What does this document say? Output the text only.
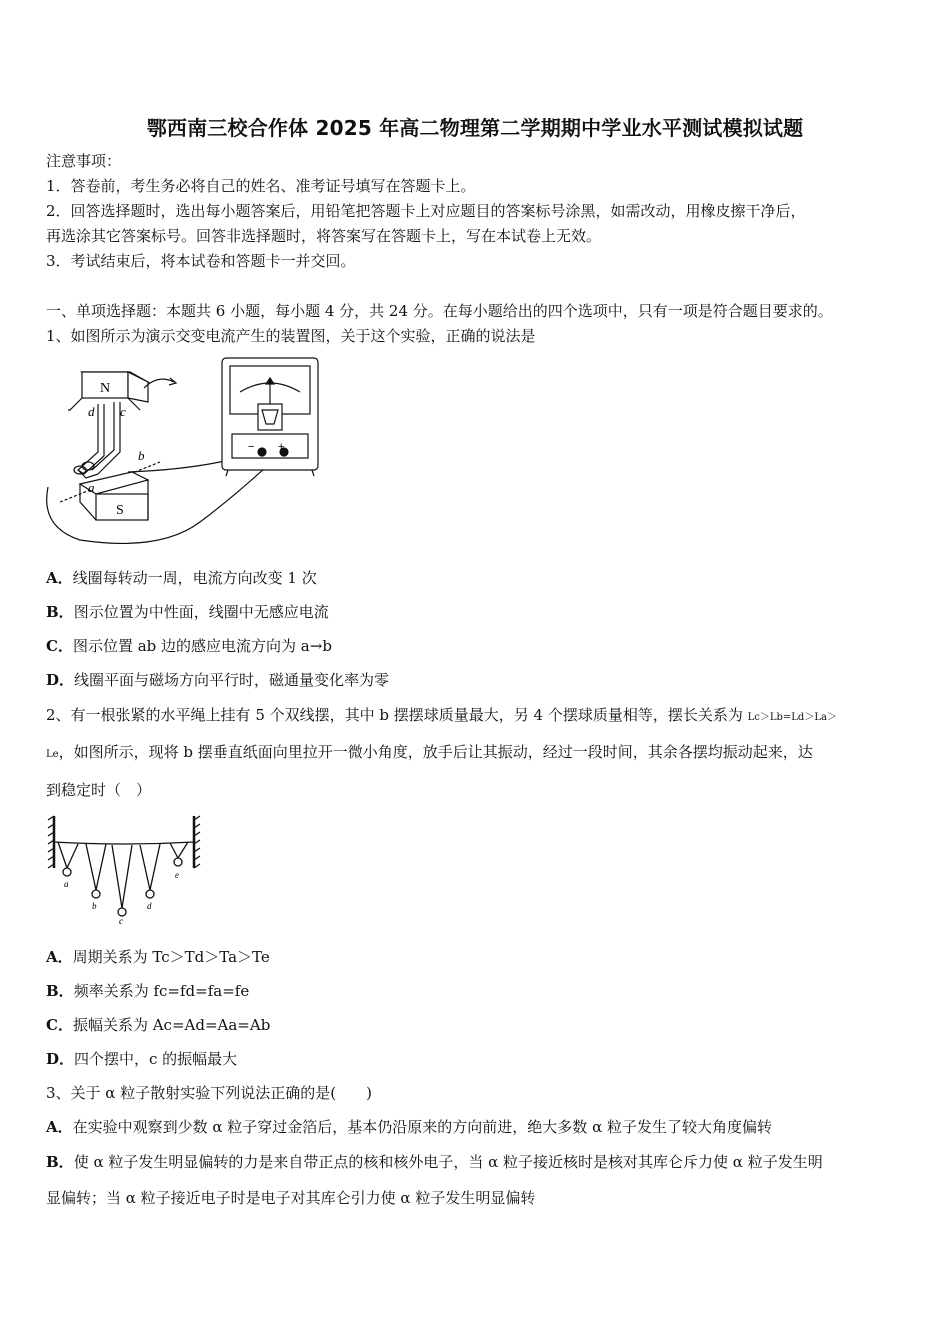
鄂西南三校合作体 2025 年高二物理第二学期期中学业水平测试模拟试题
注意事项：
1．答卷前，考生务必将自己的姓名、准考证号填写在答题卡上。
2．回答选择题时，选出每小题答案后，用铅笔把答题卡上对应题目的答案标号涂黑，如需改动，用橡皮擦干净后，
再选涂其它答案标号。回答非选择题时，将答案写在答题卡上，写在本试卷上无效。
3．考试结束后，将本试卷和答题卡一并交回。
一、单项选择题：本题共 6 小题，每小题 4 分，共 24 分。在每小题给出的四个选项中，只有一项是符合题目要求的。
1、如图所示为演示交变电流产生的装置图，关于这个实验，正确的说法是
N
S
a
b
c
d
− +
A．线圈每转动一周，电流方向改变 1 次
B．图示位置为中性面，线圈中无感应电流
C．图示位置 ab 边的感应电流方向为 a→b
D．线圈平面与磁场方向平行时，磁通量变化率为零
2、有一根张紧的水平绳上挂有 5 个双线摆，其中 b 摆摆球质量最大，另 4 个摆球质量相等，摆长关系为 Lc＞Lb=Ld＞La＞
Le，如图所示，现将 b 摆垂直纸面向里拉开一微小角度，放手后让其振动，经过一段时间，其余各摆均振动起来，达
到稳定时（　）
a
b
c
d
e
A．周期关系为 Tc＞Td＞Ta＞Te
B．频率关系为 fc=fd=fa=fe
C．振幅关系为 Ac=Ad=Aa=Ab
D．四个摆中，c 的振幅最大
3、关于 α 粒子散射实验下列说法正确的是(　　)
A．在实验中观察到少数 α 粒子穿过金箔后，基本仍沿原来的方向前进，绝大多数 α 粒子发生了较大角度偏转
B．使 α 粒子发生明显偏转的力是来自带正点的核和核外电子，当 α 粒子接近核时是核对其库仑斥力使 α 粒子发生明
显偏转；当 α 粒子接近电子时是电子对其库仑引力使 α 粒子发生明显偏转
